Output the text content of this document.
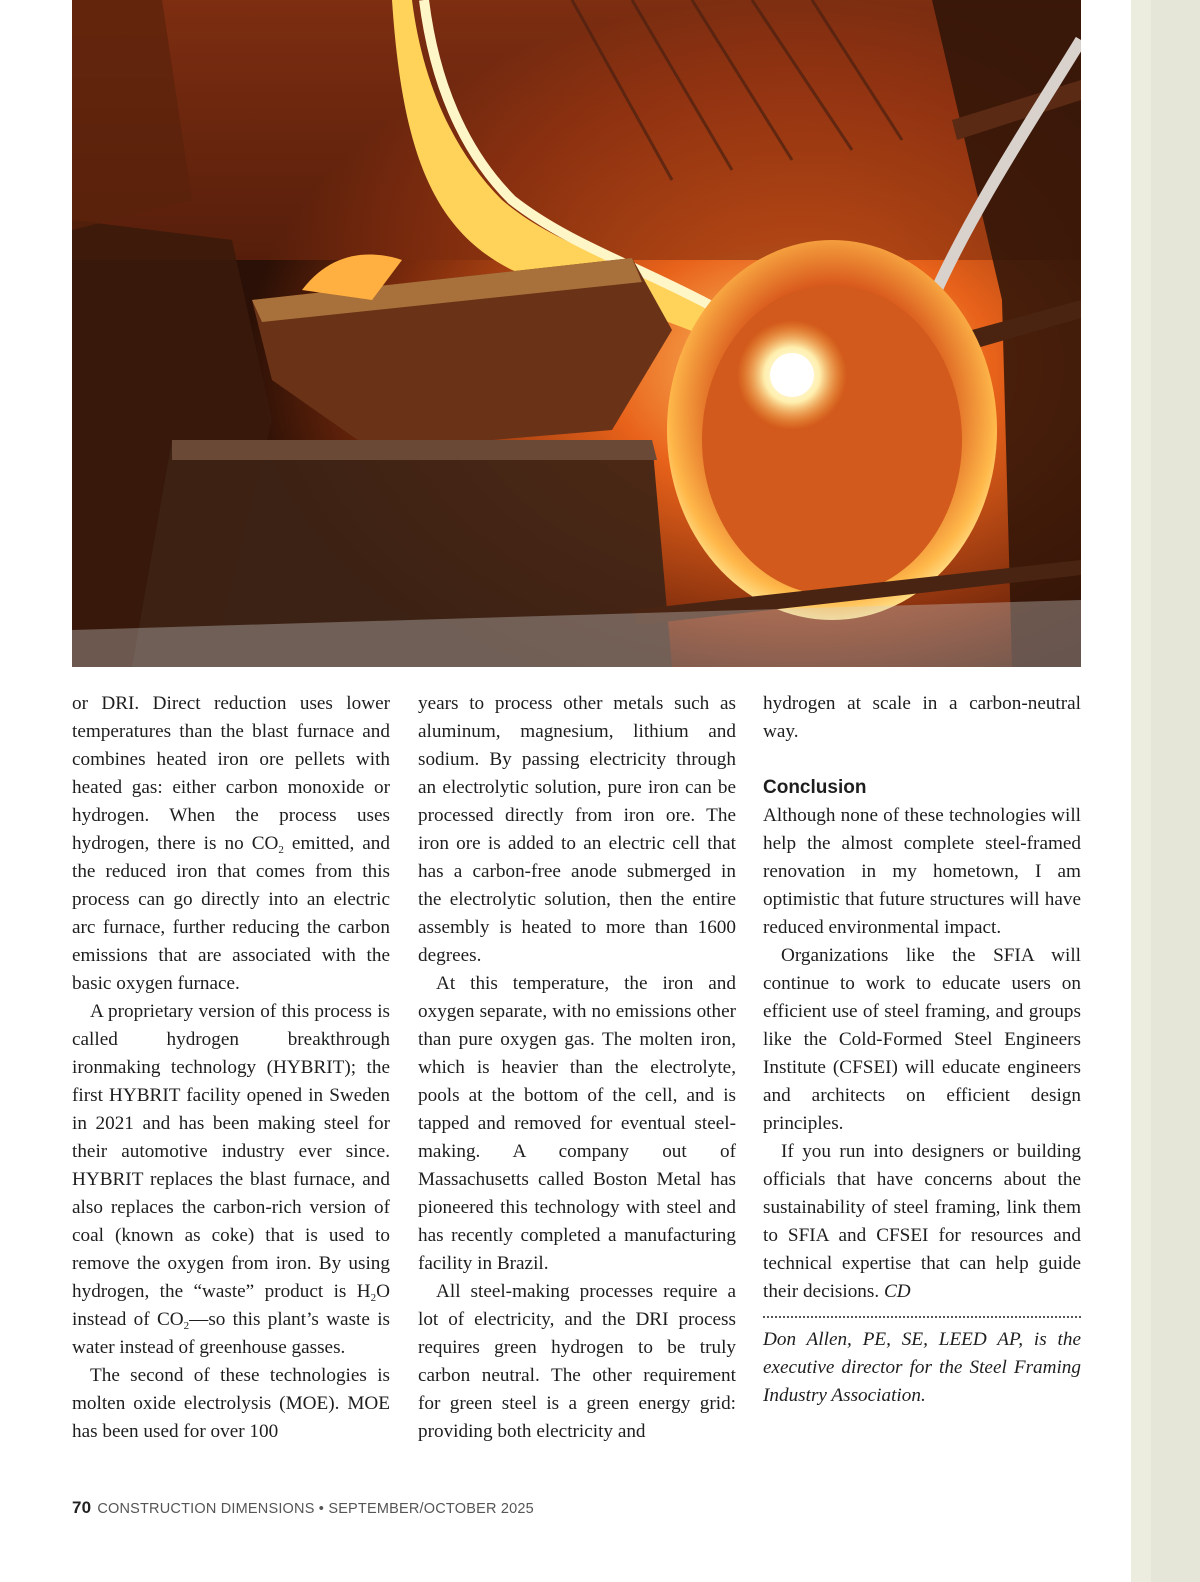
or DRI. Direct reduction uses lower temperatures than the blast furnace and combines heated iron ore pellets with heated gas: either carbon monoxide or hydrogen. When the process uses hydrogen, there is no $CO_2$ emitted, and the reduced iron that comes from this process can go directly into an electric arc furnace, further reducing the carbon emissions that are associated with the basic oxygen furnace.

A proprietary version of this process is called hydrogen breakthrough ironmaking technology (HYBRIT); the first HYBRIT facility opened in Sweden in 2021 and has been making steel for their automotive industry ever since. HYBRIT replaces the blast furnace, and also replaces the carbon-rich version of coal (known as coke) that is used to remove the oxygen from iron. By using hydrogen, the “waste” product is $H_2O$ instead of $CO_2—so$ this plant’s waste is water instead of greenhouse gasses.

The second of these technologies is molten oxide electrolysis (MOE). MOE has been used for over 100

years to process other metals such as aluminum, magnesium, lithium and sodium. By passing electricity through an electrolytic solution, pure iron can be processed directly from iron ore. The iron ore is added to an electric cell that has a carbon-free anode submerged in the electrolytic solution, then the entire assembly is heated to more than 1600 degrees.

At this temperature, the iron and oxygen separate, with no emissions other than pure oxygen gas. The molten iron, which is heavier than the electrolyte, pools at the bottom of the cell, and is tapped and removed for eventual steel-making. A company out of Massachusetts called Boston Metal has pioneered this technology with steel and has recently completed a manufacturing facility in Brazil.

All steel-making processes require a lot of electricity, and the DRI process requires green hydrogen to be truly carbon neutral. The other requirement for green steel is a green energy grid: providing both electricity and

hydrogen at scale in a carbon-neutral way.

Conclusion

Although none of these technologies will help the almost complete steel-framed renovation in my hometown, I am optimistic that future structures will have reduced environmental impact.

Organizations like the SFIA will continue to work to educate users on efficient use of steel framing, and groups like the Cold-Formed Steel Engineers Institute (CFSEI) will educate engineers and architects on efficient design principles.

If you run into designers or building officials that have concerns about the sustainability of steel framing, link them to SFIA and CFSEI for resources and technical expertise that can help guide their decisions. CD

Don Allen, PE, SE, LEED AP, is the executive director for the Steel Framing Industry Association.

70 CONSTRUCTION DIMENSIONS • SEPTEMBER/OCTOBER 2025
